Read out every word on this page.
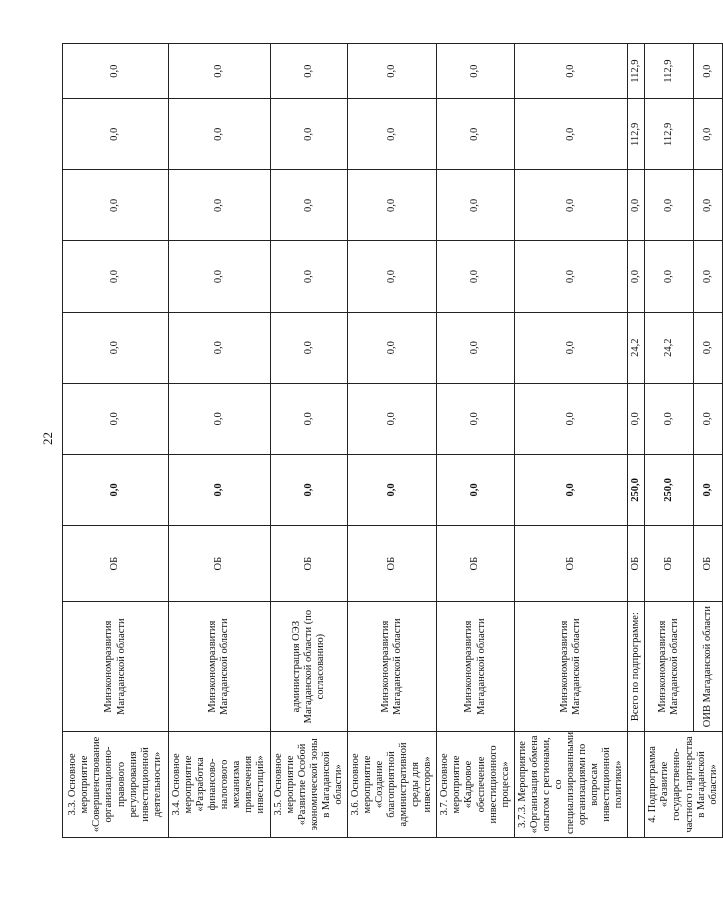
22
3.3. Основное мероприятие «Совершенствование организационно-правового регулирования инвестиционной деятельности»	Минэкономразвития Магаданской области	ОБ	0,0	0,0	0,0	0,0	0,0	0,0	0,0
3.4. Основное мероприятие «Разработка финансово-налогового механизма привлечения инвестиций»	Минэкономразвития Магаданской области	ОБ	0,0	0,0	0,0	0,0	0,0	0,0	0,0
3.5. Основное мероприятие «Развитие Особой экономической зоны в Магаданской области»	администрация ОЭЗ Магаданской области (по согласованию)	ОБ	0,0	0,0	0,0	0,0	0,0	0,0	0,0
3.6. Основное мероприятие «Создание благоприятной административной среды для инвесторов»	Минэкономразвития Магаданской области	ОБ	0,0	0,0	0,0	0,0	0,0	0,0	0,0
3.7. Основное мероприятие «Кадровое обеспечение инвестиционного процесса»	Минэкономразвития Магаданской области	ОБ	0,0	0,0	0,0	0,0	0,0	0,0	0,0
3.7.3. Мероприятие «Организация обмена опытом с регионами, со специализированными организациями по вопросам инвестиционной политики»	Минэкономразвития Магаданской области	ОБ	0,0	0,0	0,0	0,0	0,0	0,0	0,0
	Всего по подпрограмме:	ОБ	250,0	0,0	24,2	0,0	0,0	112,9	112,9
4. Подпрограмма «Развитие государственно-частного партнерства в Магаданской области»	Минэкономразвития Магаданской области	ОБ	250,0	0,0	24,2	0,0	0,0	112,9	112,9
	ОИВ Магаданской области	ОБ	0,0	0,0	0,0	0,0	0,0	0,0	0,0
